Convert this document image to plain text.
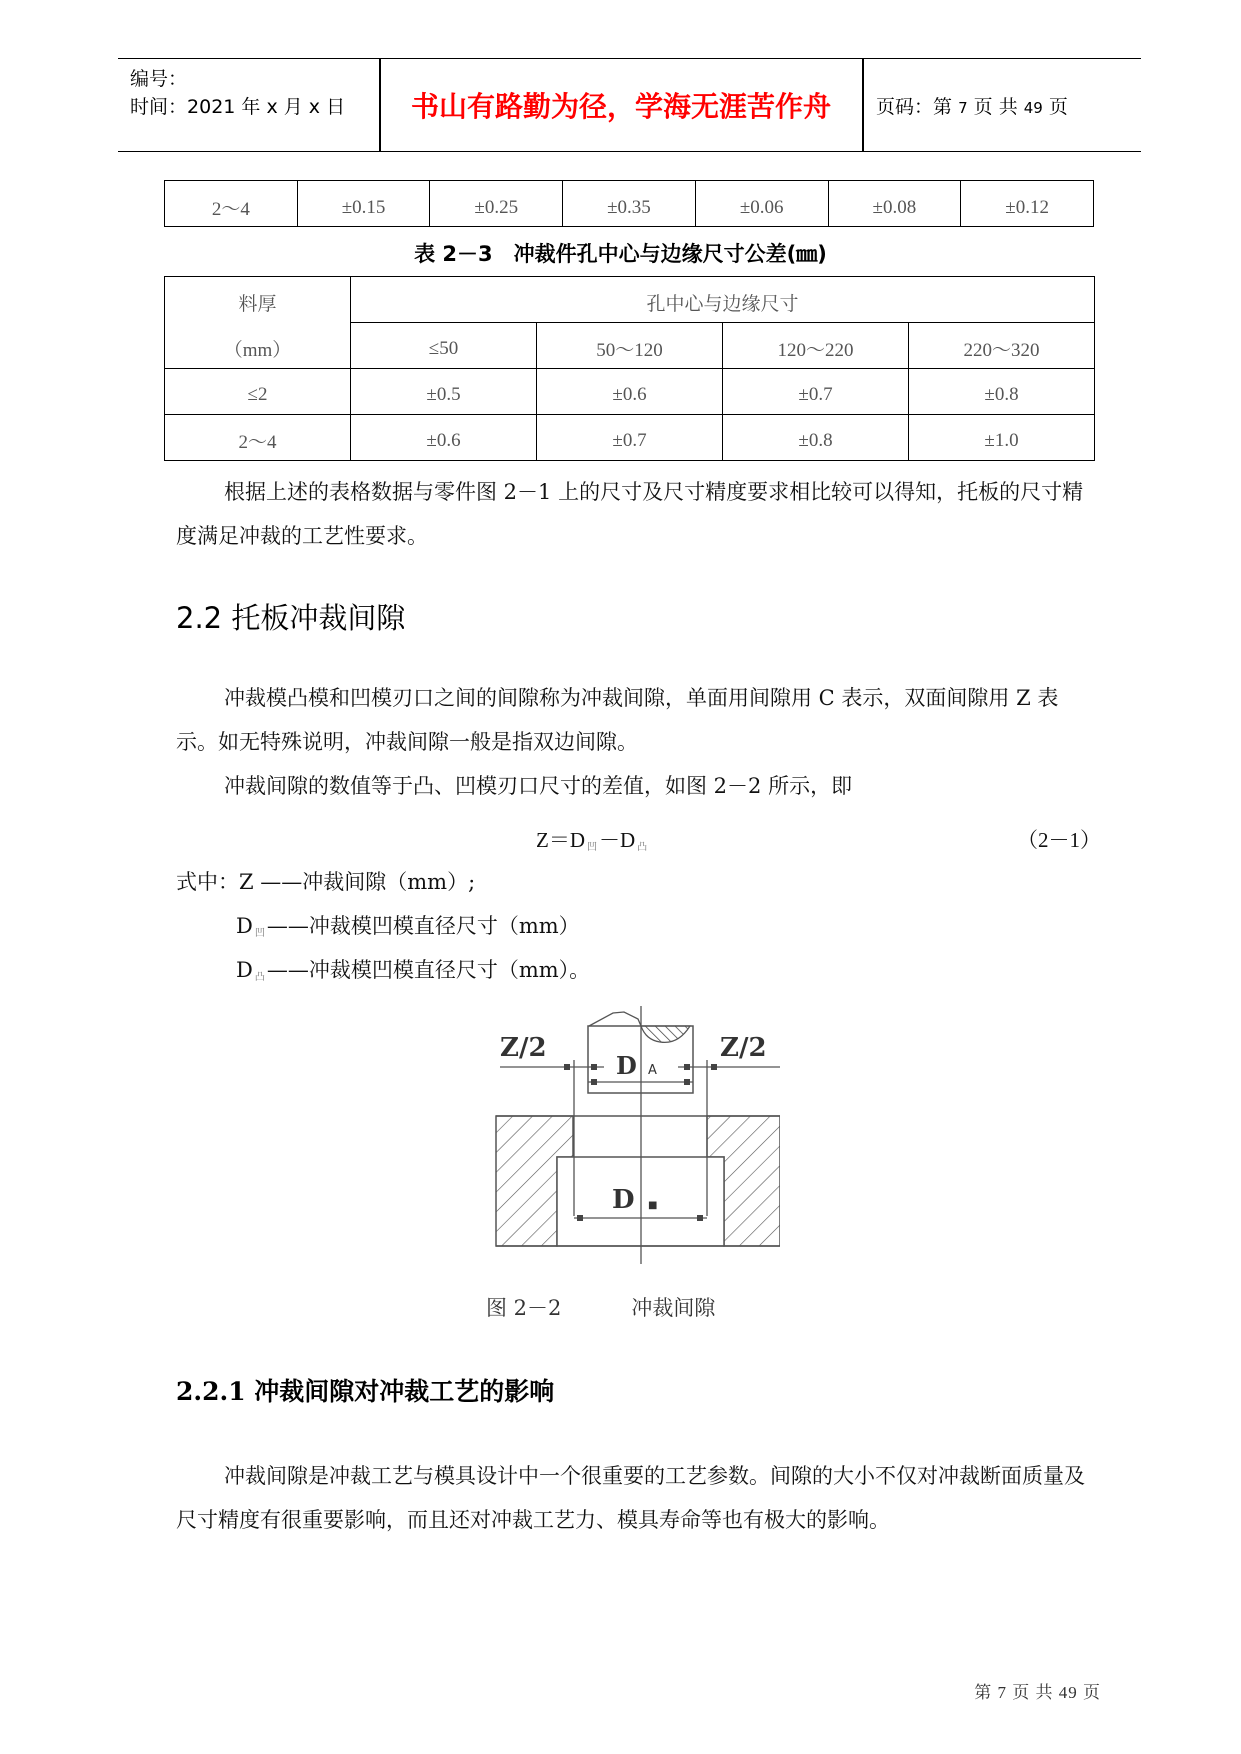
编号：
时间：2021 年 x 月 x 日	书山有路勤为径，学海无涯苦作舟	页码：第 7 页 共 49 页
2～4	±0.15	±0.25	±0.35	±0.06	±0.08	±0.12
表 2－3　冲裁件孔中心与边缘尺寸公差(㎜)
料厚	孔中心与边缘尺寸			
（mm）	≤50	50～120	120～220	220～320
≤2	±0.5	±0.6	±0.7	±0.8
2～4	±0.6	±0.7	±0.8	±1.0

根据上述的表格数据与零件图 2－1 上的尺寸及尺寸精度要求相比较可以得知，托板的尺寸精度满足冲裁的工艺性要求。

2.2 托板冲裁间隙

冲裁模凸模和凹模刃口之间的间隙称为冲裁间隙，单面用间隙用 C 表示，双面间隙用 Z 表示。如无特殊说明，冲裁间隙一般是指双边间隙。

冲裁间隙的数值等于凸、凹模刃口尺寸的差值，如图 2－2 所示，即

Z＝D $_凹$－D $_凸$	（2－1）
式中：Z ——冲裁间隙（mm）;
D $_凹$——冲裁模凹模直径尺寸（mm）
D $_凸$——冲裁模凹模直径尺寸（mm）。
Z/2	Z/2
D A
D ■
图 2－2	冲裁间隙
2.2.1 冲裁间隙对冲裁工艺的影响

冲裁间隙是冲裁工艺与模具设计中一个很重要的工艺参数。间隙的大小不仅对冲裁断面质量及尺寸精度有很重要影响，而且还对冲裁工艺力、模具寿命等也有极大的影响。

第 7 页 共 49 页
